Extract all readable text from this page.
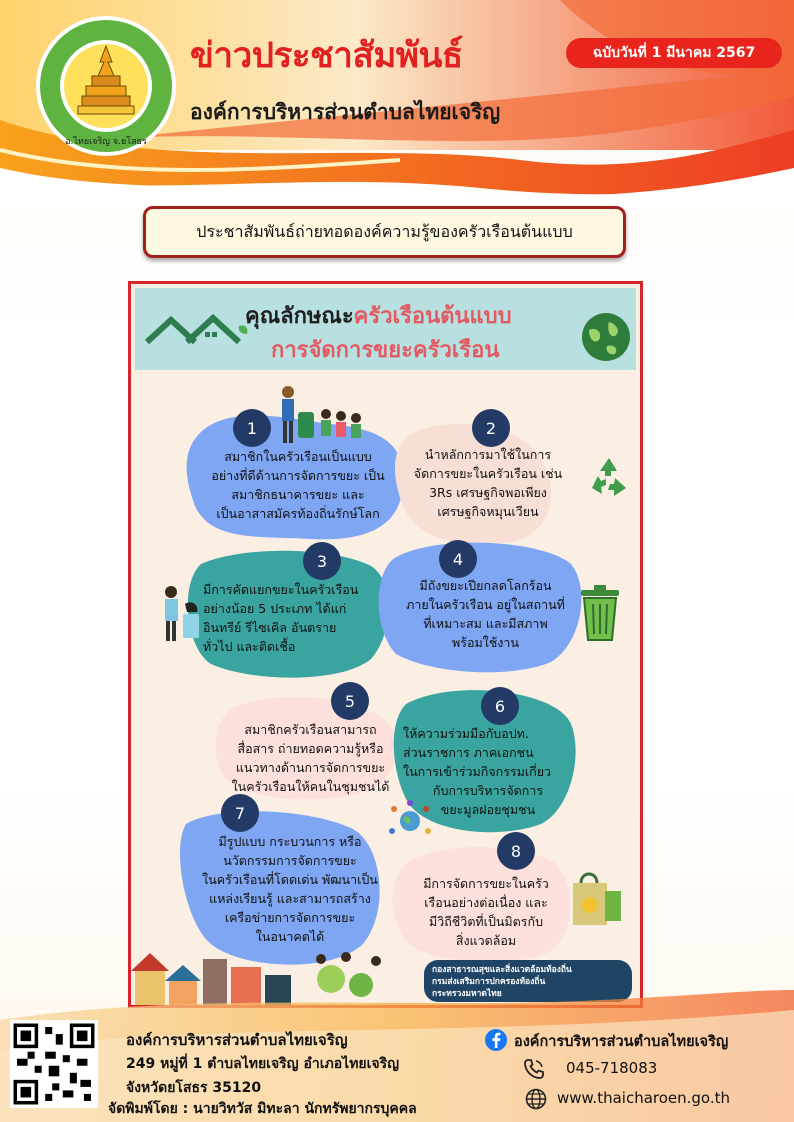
อ.ไทยเจริญ จ.ยโสธร
ข่าวประชาสัมพันธ์	ฉบับวันที่ 1 มีนาคม 2567
องค์การบริหารส่วนตำบลไทยเจริญ
ประชาสัมพันธ์ถ่ายทอดองค์ความรู้ของครัวเรือนต้นแบบ
คม 2564
คุณลักษณะครัวเรือนต้นแบบ
การจัดการขยะครัวเรือน
1
สมาชิกในครัวเรือนเป็นแบบ
อย่างที่ดีด้านการจัดการขยะ เป็น
สมาชิกธนาคารขยะ และ
เป็นอาสาสมัครท้องถิ่นรักษ์โลก
2
นำหลักการมาใช้ในการ
จัดการขยะในครัวเรือน เช่น
3Rs เศรษฐกิจพอเพียง
เศรษฐกิจหมุนเวียน
3
มีการคัดแยกขยะในครัวเรือน
อย่างน้อย 5 ประเภท ได้แก่
อินทรีย์ รีไซเคิล อันตราย
ทั่วไป และติดเชื้อ
4
มีถังขยะเปียกลดโลกร้อน
ภายในครัวเรือน อยู่ในสถานที่
ที่เหมาะสม และมีสภาพ
พร้อมใช้งาน
5
สมาชิกครัวเรือนสามารถ
สื่อสาร ถ่ายทอดความรู้หรือ
แนวทางด้านการจัดการขยะ
ในครัวเรือนให้คนในชุมชนได้
6
ให้ความร่วมมือกับอปท.
ส่วนราชการ ภาคเอกชน
ในการเข้าร่วมกิจกรรมเกี่ยว
กับการบริหารจัดการ
ขยะมูลฝอยชุมชน
7
มีรูปแบบ กระบวนการ หรือ
นวัตกรรมการจัดการขยะ
ในครัวเรือนที่โดดเด่น พัฒนาเป็น
แหล่งเรียนรู้ และสามารถสร้าง
เครือข่ายการจัดการขยะ
ในอนาคตได้
8
มีการจัดการขยะในครัว
เรือนอย่างต่อเนื่อง และ
มีวิถีชีวิตที่เป็นมิตรกับ
สิ่งแวดล้อม
กองสาธารณสุขและสิ่งแวดล้อมท้องถิ่น
กรมส่งเสริมการปกครองท้องถิ่น
กระทรวงมหาดไทย
องค์การบริหารส่วนตำบลไทยเจริญ
249 หมู่ที่ 1 ตำบลไทยเจริญ อำเภอไทยเจริญ
จังหวัดยโสธร 35120
จัดพิมพ์โดย : นายวิทวัส มิทะลา นักทรัพยากรบุคคล
องค์การบริหารส่วนตำบลไทยเจริญ
045-718083
www.thaicharoen.go.th
